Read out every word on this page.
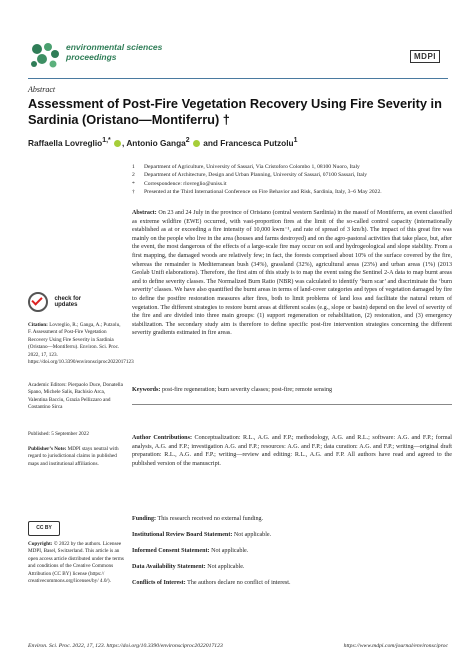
environmental sciences
proceedings	MDPI
Abstract
Assessment of Post-Fire Vegetation Recovery Using Fire Severity in Sardinia (Oristano—Montiferru) †
Raffaella Lovreglio$^{1,*}$ , Antonio Ganga$^2$ and Francesca Putzolu$^1$
1	Department of Agriculture, University of Sassari, Via Cristoforo Colombo 1, 08100 Nuoro, Italy
2	Department of Architecture, Design and Urban Planning, University of Sassari, 07100 Sassari, Italy
*	Correspondence: rlovreglio@uniss.it
†	Presented at the Third International Conference on Fire Behavior and Risk, Sardinia, Italy, 3–6 May 2022.
Abstract: On 23 and 24 July in the province of Oristano (central western Sardinia) in the massif of Montiferru, an event classified as extreme wildfire (EWE) occurred, with vast-proportion fires at the limit of the so-called control capacity (internationally established as at or exceeding a fire intensity of 10,000 kwm⁻¹, and rate of spread of 3 km/h). The impact of this great fire was mainly on the people who live in the area (houses and farms destroyed) and on the agro-pastoral activities that take place, but, after the event, the most dangerous of the effects of a large-scale fire may occur on soil and hydrogeological and slope stability. From a first mapping, the damaged woods are relatively few; in fact, the forests comprised about 10% of the surface covered by the fire, whereas the remainder is Mediterranean bush (34%), grassland (32%), agricultural areas (23%) and urban areas (1%) (2013 Geolab Unifi elaborations). Therefore, the first aim of this study is to map the event using the Sentinel 2-A data to map burnt areas and to define severity classes. The Normalized Burn Ratio (NBR) was calculated to identify ‘burn scar’ and discriminate the ‘burn severity’ classes. We have also quantified the burnt areas in terms of land-cover categories and types of vegetation damaged by fire to define the postfire restoration measures after fires, both to limit problems of land loss and facilitate the natural return of vegetation. The different strategies to restore burnt areas at different scales (e.g., slope or basin) depend on the level of severity of the fire and are divided into three main groups: (1) support regeneration or rehabilitation, (2) restoration, and (3) emergency stabilization. The secondary study aim is therefore to define specific post-fire intervention strategies concerning the different severity gradients estimated in fire areas.
Keywords: post-fire regeneration; burn severity classes; post-fire; remote sensing
check for
updates
Citation: Lovreglio, R.; Ganga, A.; Putzolu, F. Assessment of Post-Fire Vegetation Recovery Using Fire Severity in Sardinia (Oristano—Montiferru). Environ. Sci. Proc. 2022, 17, 123. https://doi.org/10.3390/environsciproc2022017123
Academic Editors: Pierpaolo Duce, Donatella Spano, Michele Salis, Bachisio Arca, Valentina Bacciu, Grazia Pellizzaro and Costantino Sirca
Published: 5 September 2022
Publisher’s Note: MDPI stays neutral with regard to jurisdictional claims in published maps and institutional affiliations.
CC BY
Copyright: © 2022 by the authors. Licensee MDPI, Basel, Switzerland. This article is an open access article distributed under the terms and conditions of the Creative Commons Attribution (CC BY) license (https:// creativecommons.org/licenses/by/ 4.0/).
Author Contributions: Conceptualization: R.L., A.G. and F.P.; methodology, A.G. and R.L.; software: A.G. and F.P.; formal analysis, A.G. and F.P.; investigation A.G. and F.P.; resources: A.G. and F.P.; data curation: A.G. and F.P.; writing—original draft preparation: R.L., A.G. and F.P.; writing—review and editing: R.L., A.G. and F.P. All authors have read and agreed to the published version of the manuscript.
Funding: This research received no external funding.
Institutional Review Board Statement: Not applicable.
Informed Consent Statement: Not applicable.
Data Availability Statement: Not applicable.
Conflicts of Interest: The authors declare no conflict of interest.
Environ. Sci. Proc. 2022, 17, 123. https://doi.org/10.3390/environsciproc2022017123	https://www.mdpi.com/journal/environsciproc
